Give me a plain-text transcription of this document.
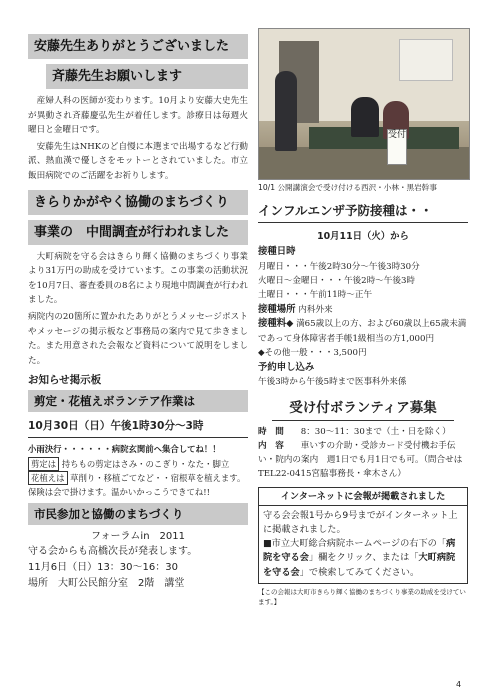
安藤先生ありがとうございました
斉藤先生お願いします

産婦人科の医師が変わります。10月より安藤大史先生が異動され斉藤慶弘先生が着任します。診療日は毎週火曜日と金曜日です。

安藤先生はNHKのど自慢に本選まで出場するなど行動派、熱血漢で優しさをモットーとされていました。市立飯田病院でのご活躍をお祈りします。

きらりかがやく協働のまちづくり
事業の　中間調査が行われました

大町病院を守る会はきらり輝く協働のまちづくり事業より31万円の助成を受けています。この事業の活動状況を10月7日、審査委員の8名により現地中間調査が行われました。

病院内の20箇所に置かれたありがとうメッセージポストやメッセージの掲示板など事務局の案内で見て歩きました。また用意された会報など資料について説明をしました。

お知らせ掲示板
剪定・花植えボランテア作業は
10月30日（日）午後1時30分～3時
小雨決行・・・・・・病院玄関前へ集合してね！！
剪定は 持ちもの剪定はさみ・のこぎり・なた・脚立
花植えは 草削り・移植ごてなど・・宿根草を植えます。
保険は会で掛けます。温かいかっこうできてね!!
市民参加と協働のまちづくり
フォーラムin　2011
守る会からも高橋次長が発表します。
11月6日（日）13：30～16：30
場所　大町公民館分室　2階　講堂
受付
10/1 公開講演会で受け付ける西沢・小林・黒岩幹事
インフルエンザ予防接種は・・
10月11日（火）から
接種日時
月曜日・・・午後2時30分～午後3時30分
火曜日～金曜日・・・午後2時～午後3時
土曜日・・・午前11時～正午
接種場所 内科外来
接種料◆ 満65歳以上の方、および60歳以上65歳未満であって身体障害者手帳1級相当の方1,000円
◆その他一般・・・3,500円
予約申し込み
午後3時から午後5時まで医事科外来係
受け付ボランティア募集
時　間 8：30～11：30まで（土・日を除く）
内　容 車いすの介助・受診カード受付機お手伝い・院内の案内　週1日でも月1日でも可。（問合せはTEL22-0415宮脇事務長・傘木さん）
インターネットに会報が掲載されました
守る会会報1号から9号までがインターネット上に掲載されました。
■市立大町総合病院ホームページの右下の「病院を守る会」欄をクリック、または「大町病院を守る会」で検索してみてください。
【この会報は大町市きらり輝く協働のまちづくり事業の助成を受けています。】
4
